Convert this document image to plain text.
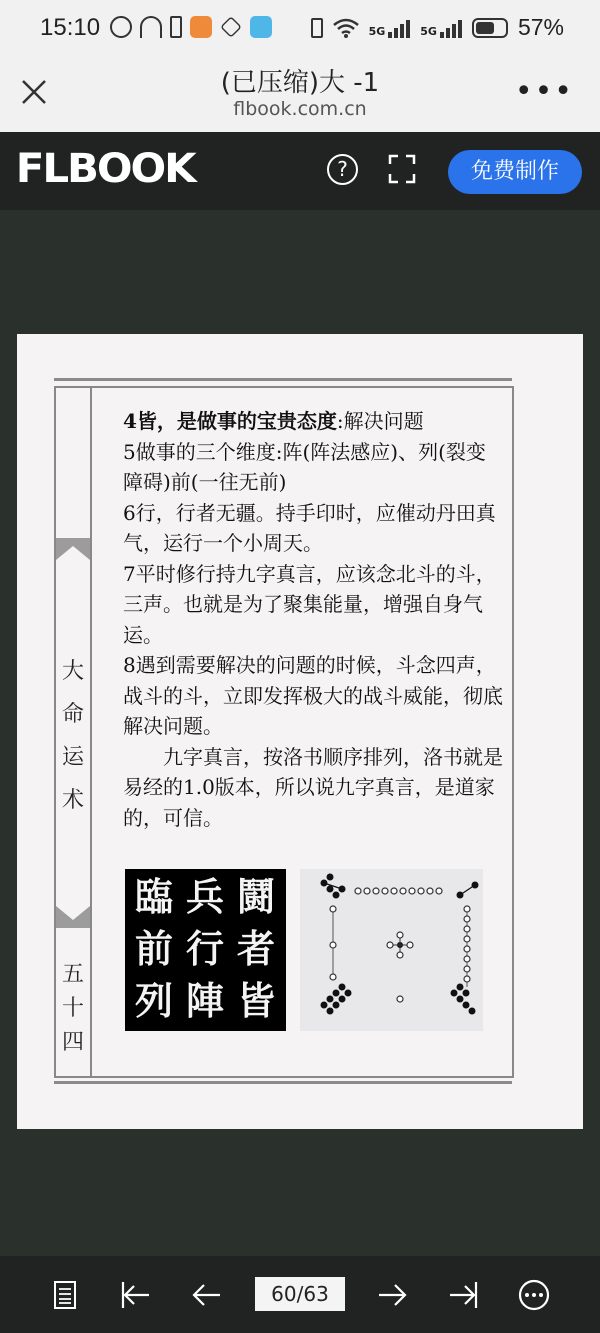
15:10	5G	5G	57%
(已压缩)大 -1
flbook.com.cn	•••
FLBOOK	?	免费制作
大
命
运
术
五
十
四

4皆，是做事的宝贵态度:解决问题

5做事的三个维度:阵(阵法感应)、列(裂变障碍)前(一往无前)

6行，行者无疆。持手印时，应催动丹田真气，运行一个小周天。

7平时修行持九字真言，应该念北斗的斗，三声。也就是为了聚集能量，增强自身气运。

8遇到需要解决的问题的时候，斗念四声，战斗的斗，立即发挥极大的战斗威能，彻底解决问题。

九字真言，按洛书顺序排列，洛书就是易经的1.0版本，所以说九字真言，是道家的，可信。

臨 兵 鬪
前 行 者
列 陣 皆
60/63
